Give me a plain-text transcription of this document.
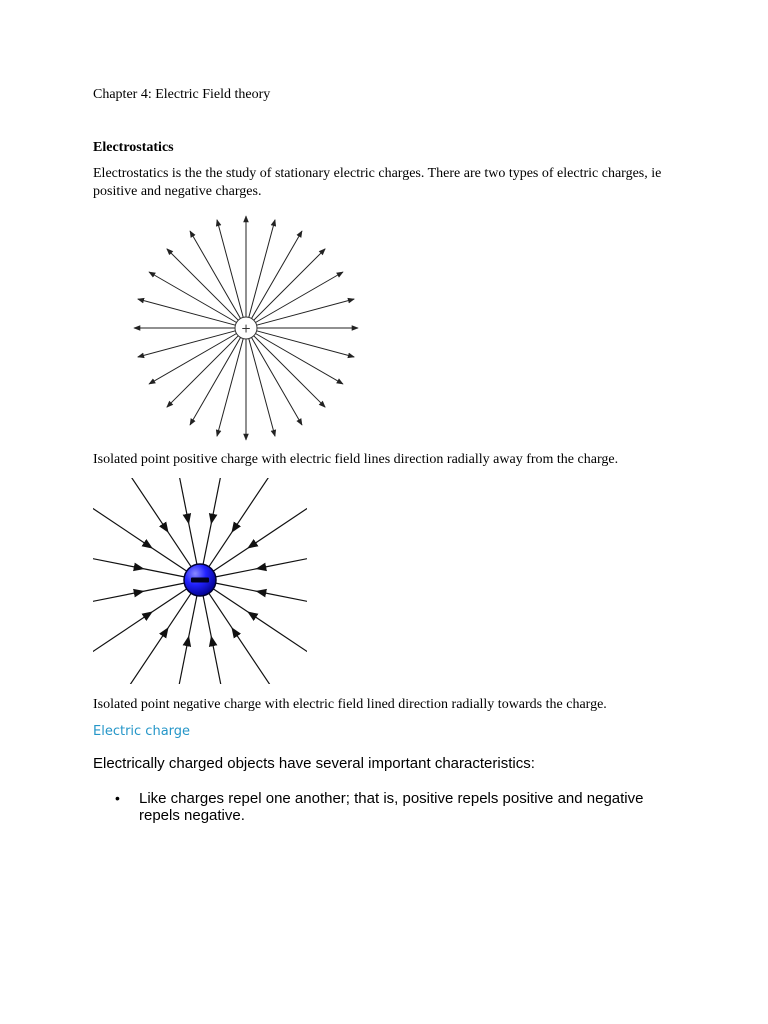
Chapter 4: Electric Field theory
Electrostatics
Electrostatics is the the study of stationary electric charges. There are two types of electric charges, ie positive and negative charges.
+
Isolated point positive charge with electric field lines direction radially away from the charge.
Isolated point negative charge with electric field lined direction radially towards the charge.
Electric charge
Electrically charged objects have several important characteristics:
• Like charges repel one another; that is, positive repels positive and negative repels negative.
